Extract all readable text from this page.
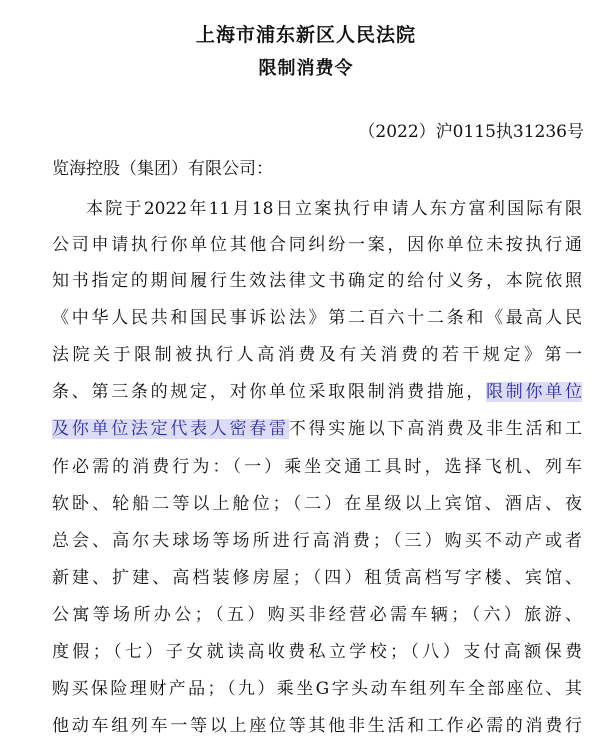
上海市浦东新区人民法院
限制消费令
（2022）沪0115执31236号
览海控股（集团）有限公司：
本院于2022年11月18日立案执行申请人东方富利国际有限
公司申请执行你单位其他合同纠纷一案，因你单位未按执行通
知书指定的期间履行生效法律文书确定的给付义务，本院依照
《中华人民共和国民事诉讼法》第二百六十二条和《最高人民
法院关于限制被执行人高消费及有关消费的若干规定》第一
条、第三条的规定，对你单位采取限制消费措施，限制你单位
及你单位法定代表人密春雷不得实施以下高消费及非生活和工
作必需的消费行为：（一）乘坐交通工具时，选择飞机、列车
软卧、轮船二等以上舱位；（二）在星级以上宾馆、酒店、夜
总会、高尔夫球场等场所进行高消费；（三）购买不动产或者
新建、扩建、高档装修房屋；（四）租赁高档写字楼、宾馆、
公寓等场所办公；（五）购买非经营必需车辆；（六）旅游、
度假；（七）子女就读高收费私立学校；（八）支付高额保费
购买保险理财产品；（九）乘坐G字头动车组列车全部座位、其
他动车组列车一等以上座位等其他非生活和工作必需的消费行
